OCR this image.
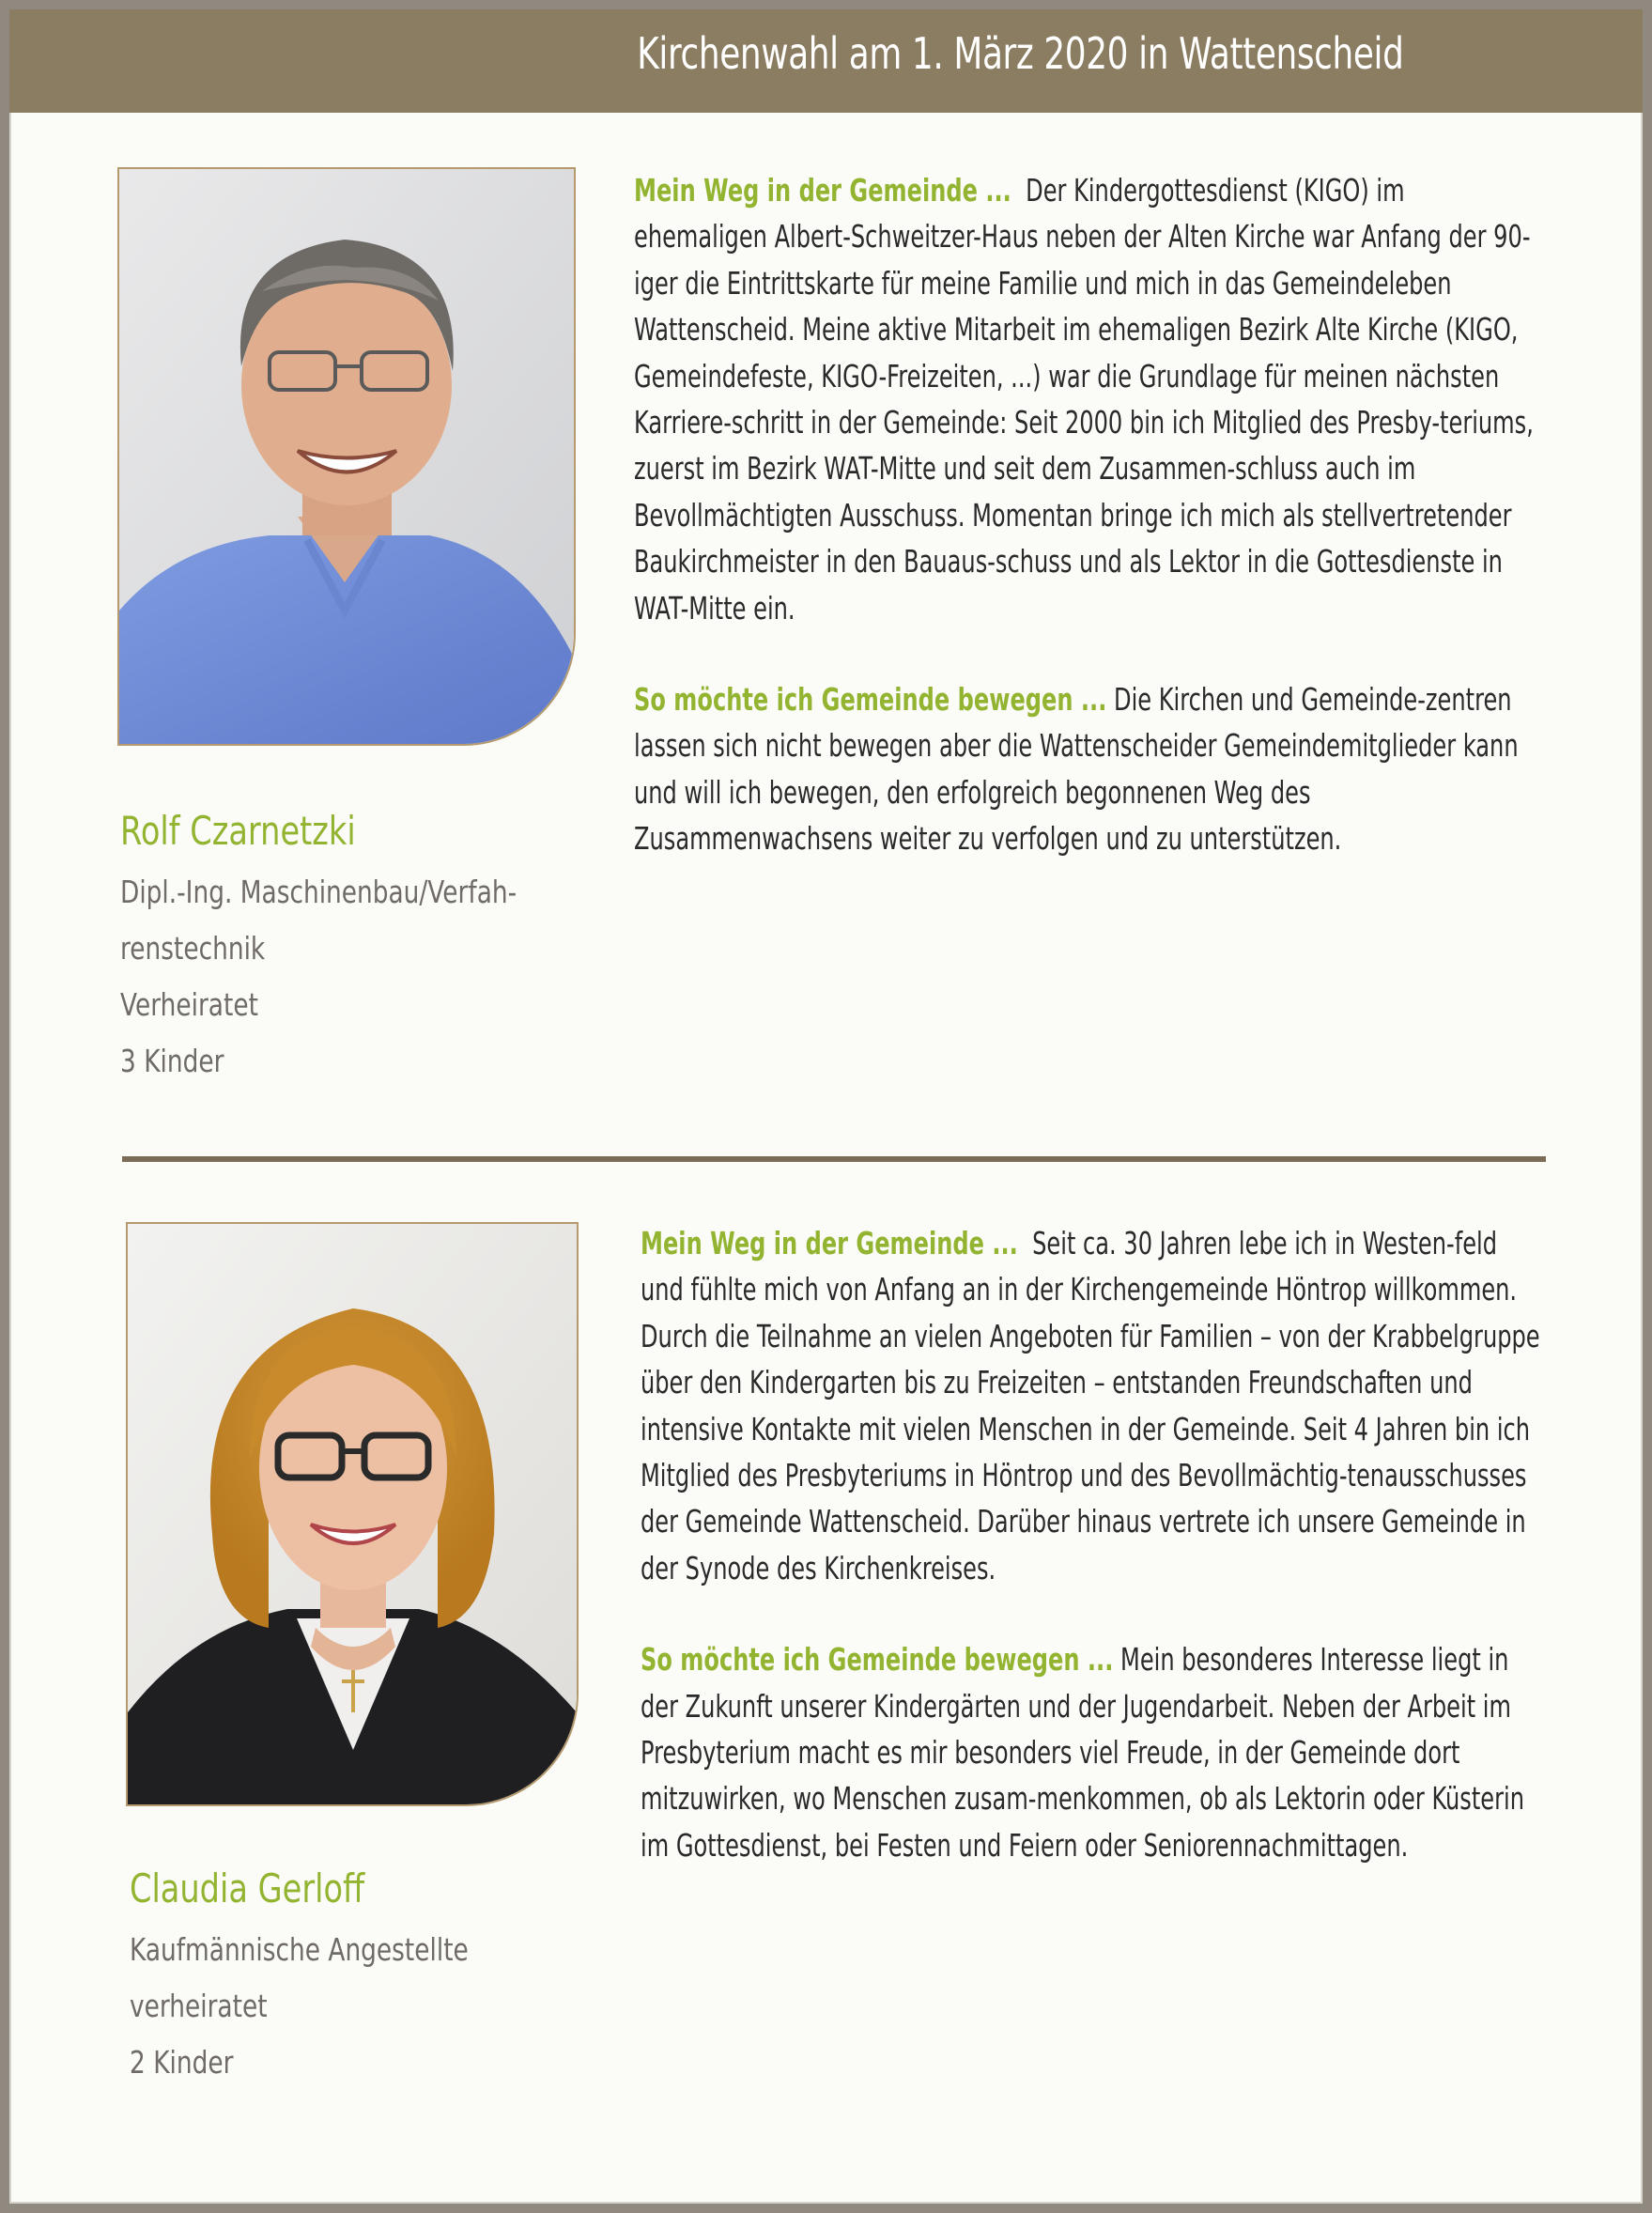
Kirchenwahl am 1. März 2020 in Wattenscheid
Rolf Czarnetzki
Dipl.-Ing. Maschinenbau/Verfah-
renstechnik
Verheiratet
3 Kinder

Mein Weg in der Gemeinde ... Der Kindergottesdienst (KIGO) im ehemaligen Albert-Schweitzer-Haus neben der Alten Kirche war Anfang der 90-iger die Eintrittskarte für meine Familie und mich in das Gemeindeleben Wattenscheid. Meine aktive Mitarbeit im ehemaligen Bezirk Alte Kirche (KIGO, Gemeindefeste, KIGO-Freizeiten, ...) war die Grundlage für meinen nächsten Karriere-schritt in der Gemeinde: Seit 2000 bin ich Mitglied des Presby-teriums, zuerst im Bezirk WAT-Mitte und seit dem Zusammen-schluss auch im Bevollmächtigten Ausschuss. Momentan bringe ich mich als stellvertretender Baukirchmeister in den Bauaus-schuss und als Lektor in die Gottesdienste in WAT-Mitte ein.

So möchte ich Gemeinde bewegen ... Die Kirchen und Gemeinde-zentren lassen sich nicht bewegen aber die Wattenscheider Gemeindemitglieder kann und will ich bewegen, den erfolgreich begonnenen Weg des Zusammenwachsens weiter zu verfolgen und zu unterstützen.

Claudia Gerloff
Kaufmännische Angestellte
verheiratet
2 Kinder

Mein Weg in der Gemeinde ... Seit ca. 30 Jahren lebe ich in Westen-feld und fühlte mich von Anfang an in der Kirchengemeinde Höntrop willkommen. Durch die Teilnahme an vielen Angeboten für Familien – von der Krabbelgruppe über den Kindergarten bis zu Freizeiten – entstanden Freundschaften und intensive Kontakte mit vielen Menschen in der Gemeinde. Seit 4 Jahren bin ich Mitglied des Presbyteriums in Höntrop und des Bevollmächtig-tenausschusses der Gemeinde Wattenscheid. Darüber hinaus vertrete ich unsere Gemeinde in der Synode des Kirchenkreises.

So möchte ich Gemeinde bewegen ... Mein besonderes Interesse liegt in der Zukunft unserer Kindergärten und der Jugendarbeit. Neben der Arbeit im Presbyterium macht es mir besonders viel Freude, in der Gemeinde dort mitzuwirken, wo Menschen zusam-menkommen, ob als Lektorin oder Küsterin im Gottesdienst, bei Festen und Feiern oder Seniorennachmittagen.
